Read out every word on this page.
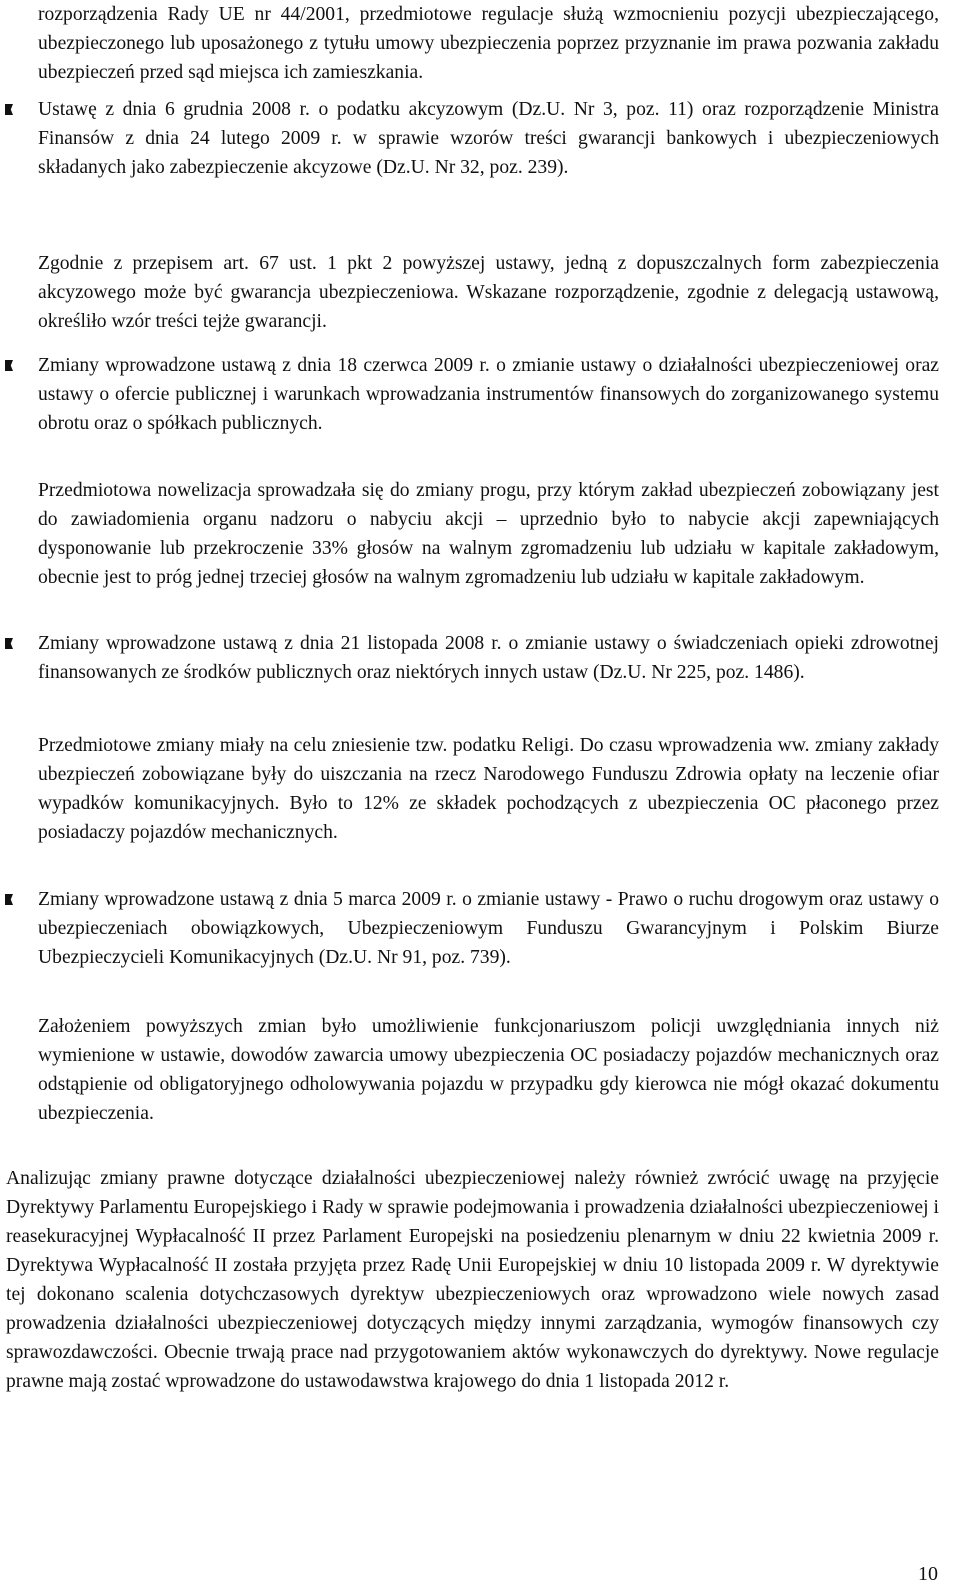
rozporządzenia Rady UE nr 44/2001, przedmiotowe regulacje służą wzmocnieniu pozycji ubezpieczającego, ubezpieczonego lub uposażonego z tytułu umowy ubezpieczenia poprzez przyznanie im prawa pozwania zakładu ubezpieczeń przed sąd miejsca ich zamieszkania.

Ustawę z dnia 6 grudnia 2008 r. o podatku akcyzowym (Dz.U. Nr 3, poz. 11) oraz rozporządzenie Ministra Finansów z dnia 24 lutego 2009 r. w sprawie wzorów treści gwarancji bankowych i ubezpieczeniowych składanych jako zabezpieczenie akcyzowe (Dz.U. Nr 32, poz. 239).

Zgodnie z przepisem art. 67 ust. 1 pkt 2 powyższej ustawy, jedną z dopuszczalnych form zabezpieczenia akcyzowego może być gwarancja ubezpieczeniowa. Wskazane rozporządzenie, zgodnie z delegacją ustawową, określiło wzór treści tejże gwarancji.

Zmiany wprowadzone ustawą z dnia 18 czerwca 2009 r. o zmianie ustawy o działalności ubezpieczeniowej oraz ustawy o ofercie publicznej i warunkach wprowadzania instrumentów finansowych do zorganizowanego systemu obrotu oraz o spółkach publicznych.

Przedmiotowa nowelizacja sprowadzała się do zmiany progu, przy którym zakład ubezpieczeń zobowiązany jest do zawiadomienia organu nadzoru o nabyciu akcji – uprzednio było to nabycie akcji zapewniających dysponowanie lub przekroczenie 33% głosów na walnym zgromadzeniu lub udziału w kapitale zakładowym, obecnie jest to próg jednej trzeciej głosów na walnym zgromadzeniu lub udziału w kapitale zakładowym.

Zmiany wprowadzone ustawą z dnia 21 listopada 2008 r. o zmianie ustawy o świadczeniach opieki zdrowotnej finansowanych ze środków publicznych oraz niektórych innych ustaw (Dz.U. Nr 225, poz. 1486).

Przedmiotowe zmiany miały na celu zniesienie tzw. podatku Religi. Do czasu wprowadzenia ww. zmiany zakłady ubezpieczeń zobowiązane były do uiszczania na rzecz Narodowego Funduszu Zdrowia opłaty na leczenie ofiar wypadków komunikacyjnych. Było to 12% ze składek pochodzących z ubezpieczenia OC płaconego przez posiadaczy pojazdów mechanicznych.

Zmiany wprowadzone ustawą z dnia 5 marca 2009 r. o zmianie ustawy - Prawo o ruchu drogowym oraz ustawy o ubezpieczeniach obowiązkowych, Ubezpieczeniowym Funduszu Gwarancyjnym i Polskim Biurze Ubezpieczycieli Komunikacyjnych (Dz.U. Nr 91, poz. 739).

Założeniem powyższych zmian było umożliwienie funkcjonariuszom policji uwzględniania innych niż wymienione w ustawie, dowodów zawarcia umowy ubezpieczenia OC posiadaczy pojazdów mechanicznych oraz odstąpienie od obligatoryjnego odholowywania pojazdu w przypadku gdy kierowca nie mógł okazać dokumentu ubezpieczenia.

Analizując zmiany prawne dotyczące działalności ubezpieczeniowej należy również zwrócić uwagę na przyjęcie Dyrektywy Parlamentu Europejskiego i Rady w sprawie podejmowania i prowadzenia działalności ubezpieczeniowej i reasekuracyjnej Wypłacalność II przez Parlament Europejski na posiedzeniu plenarnym w dniu 22 kwietnia 2009 r. Dyrektywa Wypłacalność II została przyjęta przez Radę Unii Europejskiej w dniu 10 listopada 2009 r. W dyrektywie tej dokonano scalenia dotychczasowych dyrektyw ubezpieczeniowych oraz wprowadzono wiele nowych zasad prowadzenia działalności ubezpieczeniowej dotyczących między innymi zarządzania, wymogów finansowych czy sprawozdawczości. Obecnie trwają prace nad przygotowaniem aktów wykonawczych do dyrektywy. Nowe regulacje prawne mają zostać wprowadzone do ustawodawstwa krajowego do dnia 1 listopada 2012 r.

10
